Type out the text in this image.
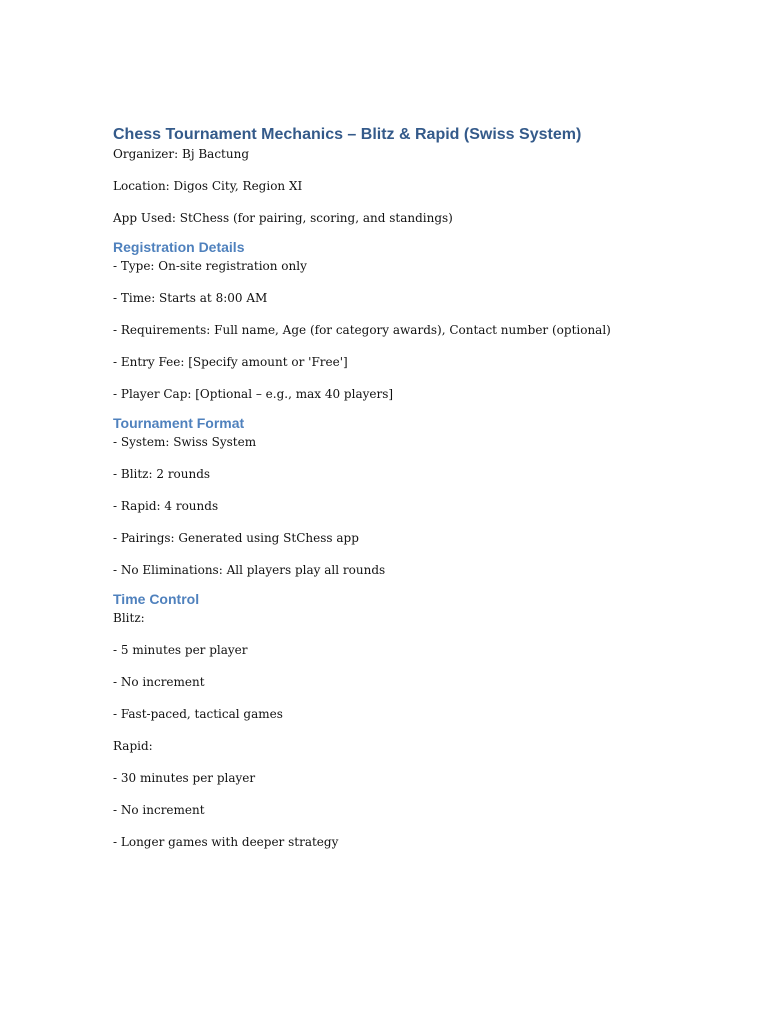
Chess Tournament Mechanics – Blitz & Rapid (Swiss System)

Organizer: Bj Bactung

Location: Digos City, Region XI

App Used: StChess (for pairing, scoring, and standings)

Registration Details

- Type: On-site registration only

- Time: Starts at 8:00 AM

- Requirements: Full name, Age (for category awards), Contact number (optional)

- Entry Fee: [Specify amount or 'Free']

- Player Cap: [Optional – e.g., max 40 players]

Tournament Format

- System: Swiss System

- Blitz: 2 rounds

- Rapid: 4 rounds

- Pairings: Generated using StChess app

- No Eliminations: All players play all rounds

Time Control

Blitz:

- 5 minutes per player

- No increment

- Fast-paced, tactical games

Rapid:

- 30 minutes per player

- No increment

- Longer games with deeper strategy
